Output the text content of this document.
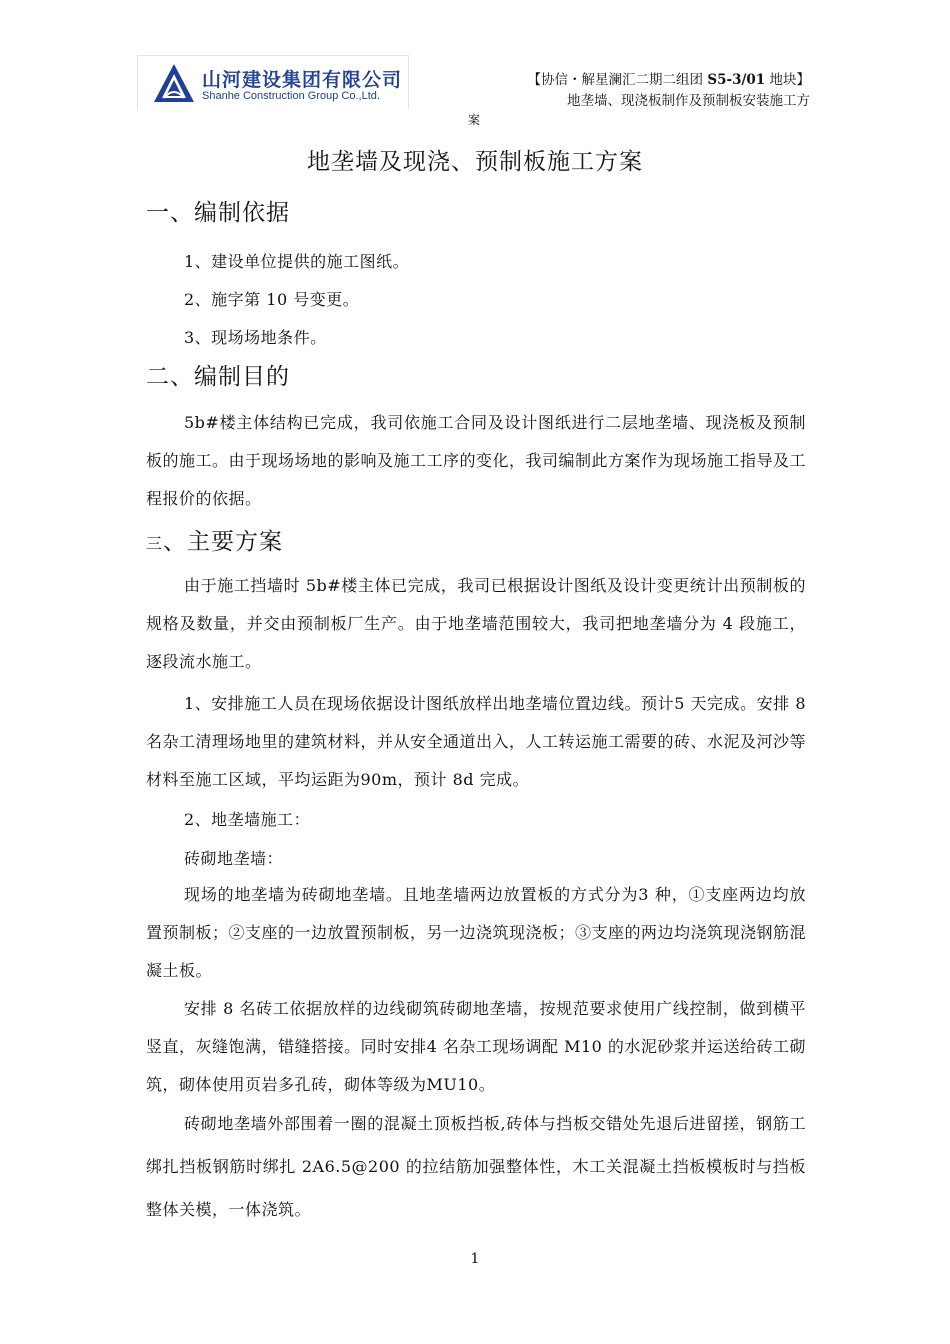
山河建设集团有限公司
Shanhe Construction Group Co.,Ltd.
【协信・解星澜汇二期二组团 S5-3/01 地块】
地垄墙、现浇板制作及预制板安装施工方
案
地垄墙及现浇、预制板施工方案
一、编制依据
1、建设单位提供的施工图纸。
2、施字第 10 号变更。
3、现场场地条件。
二、编制目的
5b#楼主体结构已完成，我司依施工合同及设计图纸进行二层地垄墙、现浇板及预制板的施工。由于现场场地的影响及施工工序的变化，我司编制此方案作为现场施工指导及工程报价的依据。
三、主要方案
由于施工挡墙时 5b#楼主体已完成，我司已根据设计图纸及设计变更统计出预制板的规格及数量，并交由预制板厂生产。由于地垄墙范围较大，我司把地垄墙分为 4 段施工，逐段流水施工。
1、安排施工人员在现场依据设计图纸放样出地垄墙位置边线。预计5 天完成。安排 8 名杂工清理场地里的建筑材料，并从安全通道出入，人工转运施工需要的砖、水泥及河沙等材料至施工区域，平均运距为90m，预计 8d 完成。
2、地垄墙施工：
砖砌地垄墙：
现场的地垄墙为砖砌地垄墙。且地垄墙两边放置板的方式分为3 种，①支座两边均放置预制板；②支座的一边放置预制板，另一边浇筑现浇板；③支座的两边均浇筑现浇钢筋混凝土板。
安排 8 名砖工依据放样的边线砌筑砖砌地垄墙，按规范要求使用广线控制，做到横平竖直，灰缝饱满，错缝搭接。同时安排4 名杂工现场调配 M10 的水泥砂浆并运送给砖工砌筑，砌体使用页岩多孔砖，砌体等级为MU10。
砖砌地垄墙外部围着一圈的混凝土顶板挡板,砖体与挡板交错处先退后进留搓，钢筋工绑扎挡板钢筋时绑扎 2A6.5@200 的拉结筋加强整体性，木工关混凝土挡板模板时与挡板整体关模，一体浇筑。
1
